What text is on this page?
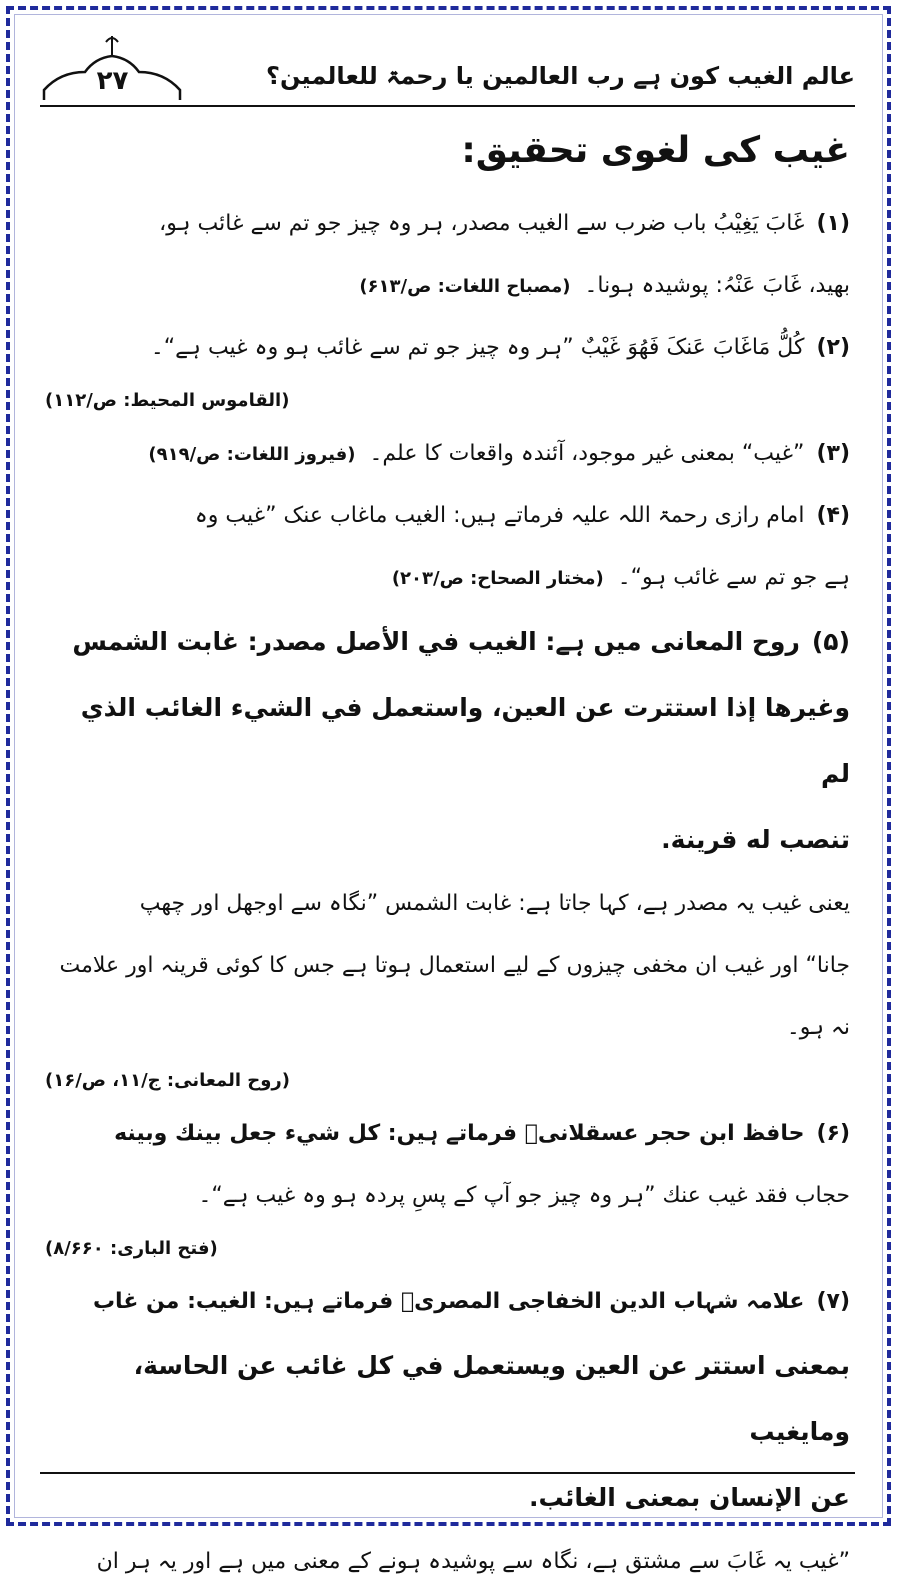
۲۷	عالم الغیب کون ہے رب العالمین یا رحمۃ للعالمین؟
غیب کی لغوی تحقیق:

(۱)غَابَ یَغِیْبُ باب ضرب سے الغیب مصدر، ہر وہ چیز جو تم سے غائب ہو،

بھید، غَابَ عَنْہُ: پوشیدہ ہونا۔  (مصباح اللغات: ص/۶۱۳)

(۲)کُلُّ مَاغَابَ عَنکَ فَھُوَ غَیْبٌ ”ہر وہ چیز جو تم سے غائب ہو وہ غیب ہے“۔

(القاموس المحیط: ص/۱۱۲)

(۳)”غیب“ بمعنی غیر موجود، آئندہ واقعات کا علم۔  (فیروز اللغات: ص/۹۱۹)

(۴)امام رازی رحمۃ اللہ علیہ فرماتے ہیں: الغیب ماغاب عنک ”غیب وہ

ہے جو تم سے غائب ہو“۔  (مختار الصحاح: ص/۲۰۳)

(۵)روح المعانی میں ہے: الغيب في الأصل مصدر: غابت الشمس

وغيرها إذا استترت عن العين، واستعمل في الشيء الغائب الذي لم

تنصب له قرينة.

یعنی غیب یہ مصدر ہے، کہا جاتا ہے: غابت الشمس ”نگاہ سے اوجھل اور چھپ

جانا“ اور غیب ان مخفی چیزوں کے لیے استعمال ہوتا ہے جس کا کوئی قرینہ اور علامت نہ ہو۔

(روح المعانی: ج/۱۱، ص/۱۶)

(۶)حافظ ابن حجر عسقلانیؒ فرماتے ہیں: كل شيء جعل بينك وبينه

حجاب فقد غيب عنك ”ہر وہ چیز جو آپ کے پسِ پردہ ہو وہ غیب ہے“۔

(فتح الباری: ۸/۶۶۰)

(۷)علامہ شہاب الدین الخفاجی المصریؒ فرماتے ہیں: الغيب: من غاب

بمعنی استتر عن العين ويستعمل في كل غائب عن الحاسة، ومايغيب

عن الإنسان بمعنى الغائب.

”غیب یہ غَابَ سے مشتق ہے، نگاہ سے پوشیدہ ہونے کے معنی میں ہے اور یہ ہر ان
